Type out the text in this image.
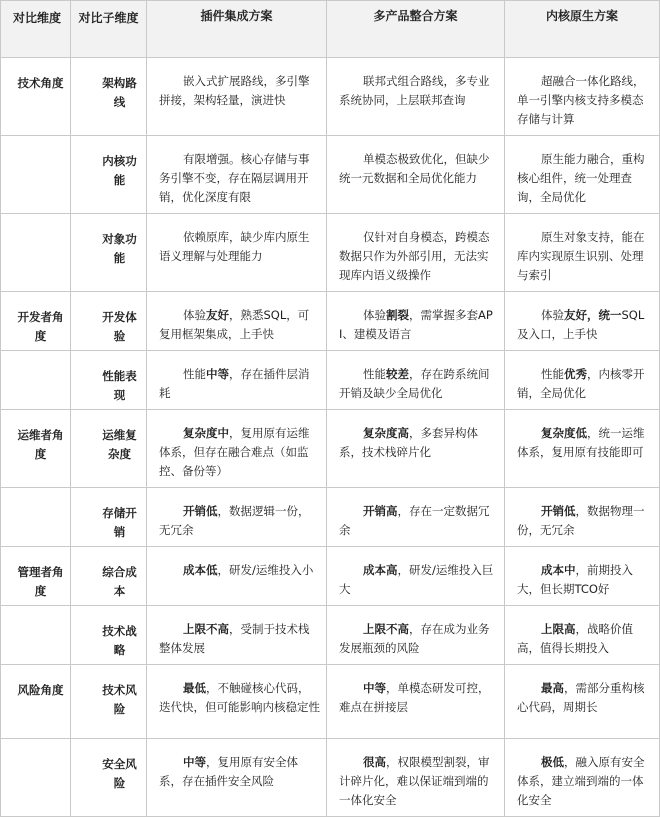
对比维度	对比子维度	插件集成方案	多产品整合方案	内核原生方案
技术角度	架构路线	嵌入式扩展路线，多引擎拼接，架构轻量，演进快	联邦式组合路线，多专业系统协同，上层联邦查询	超融合一体化路线，单一引擎内核支持多模态存储与计算
	内核功能	有限增强。核心存储与事务引擎不变，存在隔层调用开销，优化深度有限	单模态极致优化，但缺少统一元数据和全局优化能力	原生能力融合，重构核心组件，统一处理查询，全局优化
	对象功能	依赖原库，缺少库内原生语义理解与处理能力	仅针对自身模态，跨模态数据只作为外部引用，无法实现库内语义级操作	原生对象支持，能在库内实现原生识别、处理与索引
开发者角度	开发体验	体验友好，熟悉SQL，可复用框架集成，上手快	体验割裂，需掌握多套API、建模及语言	体验友好，统一SQL及入口，上手快
	性能表现	性能中等，存在插件层消耗	性能较差，存在跨系统间开销及缺少全局优化	性能优秀，内核零开销，全局优化
运维者角度	运维复杂度	复杂度中，复用原有运维体系，但存在融合难点（如监控、备份等）	复杂度高，多套异构体系，技术栈碎片化	复杂度低，统一运维体系，复用原有技能即可
	存储开销	开销低，数据逻辑一份，无冗余	开销高，存在一定数据冗余	开销低，数据物理一份，无冗余
管理者角度	综合成本	成本低，研发/运维投入小	成本高，研发/运维投入巨大	成本中，前期投入大，但长期TCO好
	技术战略	上限不高，受制于技术栈整体发展	上限不高，存在成为业务发展瓶颈的风险	上限高，战略价值高，值得长期投入
风险角度	技术风险	最低，不触碰核心代码，迭代快，但可能影响内核稳定性	中等，单模态研发可控，难点在拼接层	最高，需部分重构核心代码，周期长
	安全风险	中等，复用原有安全体系，存在插件安全风险	很高，权限模型割裂，审计碎片化，难以保证端到端的一体化安全	极低，融入原有安全体系，建立端到端的一体化安全
